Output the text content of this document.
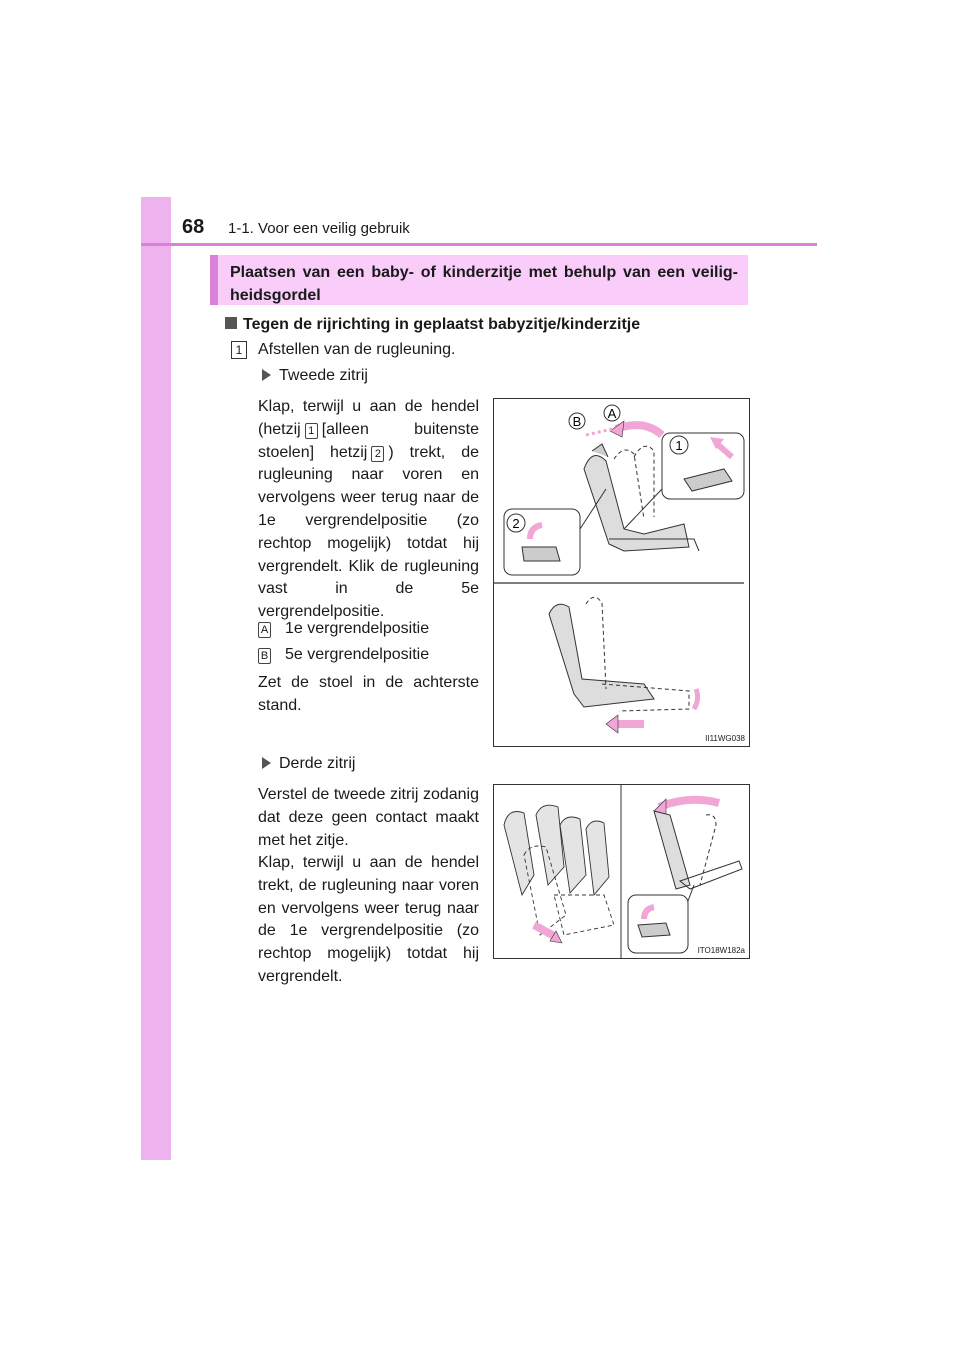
68 1-1. Voor een veilig gebruik
Plaatsen van een baby- of kinderzitje met behulp van een veilig-heidsgordel
Tegen de rijrichting in geplaatst babyzitje/kinderzitje
1 Afstellen van de rugleuning.
Tweede zitrij
Klap, terwijl u aan de hendel (hetzij 1 [alleen buitenste stoelen] hetzij 2 ) trekt, de rugleuning naar voren en vervolgens weer terug naar de 1e vergrendelpositie (zo rechtop mogelijk) totdat hij vergrendelt. Klik de rugleuning vast in de 5e vergrendelpositie.
A 1e vergrendelpositie
B 5e vergrendelpositie
Zet de stoel in de achterste stand.
B
A
1
2
II11WG038
Derde zitrij
Verstel de tweede zitrij zodanig dat deze geen contact maakt met het zitje.
Klap, terwijl u aan de hendel trekt, de rugleuning naar voren en vervolgens weer terug naar de 1e vergrendelpositie (zo rechtop mogelijk) totdat hij vergrendelt.
ITO18W182a
